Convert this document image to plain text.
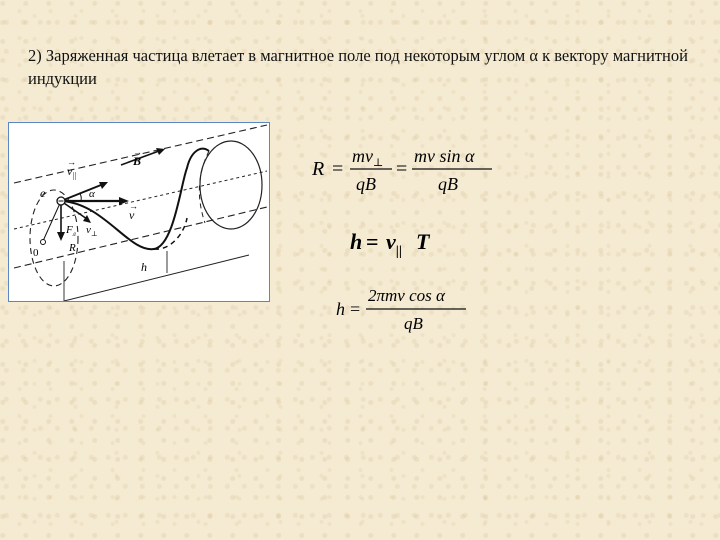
2) Заряженная частица влетает в магнитное поле под некоторым углом α к вектору магнитной индукции
$v_{||}$
→	B
→
α
v
→
e
$F_л$ $v_\perp$
R
0
h
R =
$mv_\perp$
qB
=
mv sin α
qB
$h = v_{||}$ T
h =
2πmv cos α
qB
